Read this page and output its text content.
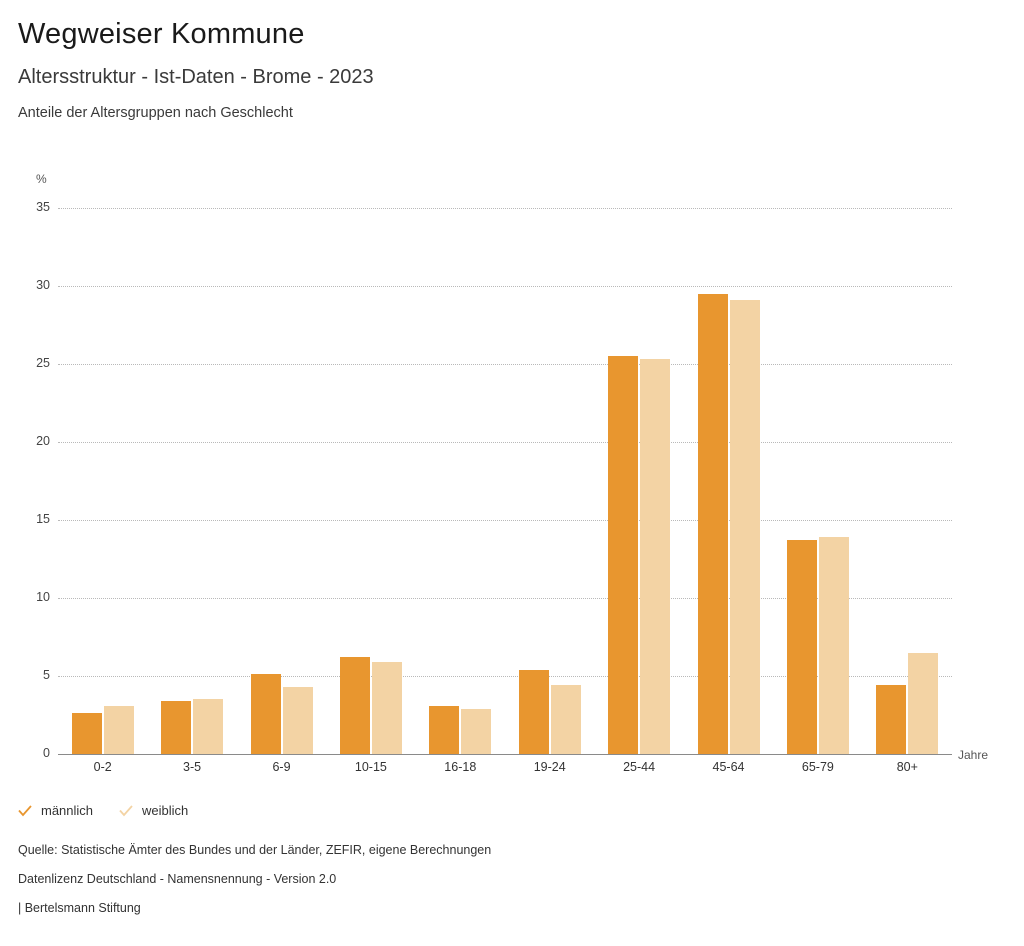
Wegweiser Kommune
Altersstruktur - Ist-Daten - Brome - 2023
Anteile der Altersgruppen nach Geschlecht
%
Jahre
0
5
10
15
20
25
30
35
0-2	3-5	6-9	10-15	16-18	19-24	25-44	45-64	65-79	80+
männlich	weiblich
Quelle: Statistische Ämter des Bundes und der Länder, ZEFIR, eigene Berechnungen
Datenlizenz Deutschland - Namensnennung - Version 2.0
| Bertelsmann Stiftung
